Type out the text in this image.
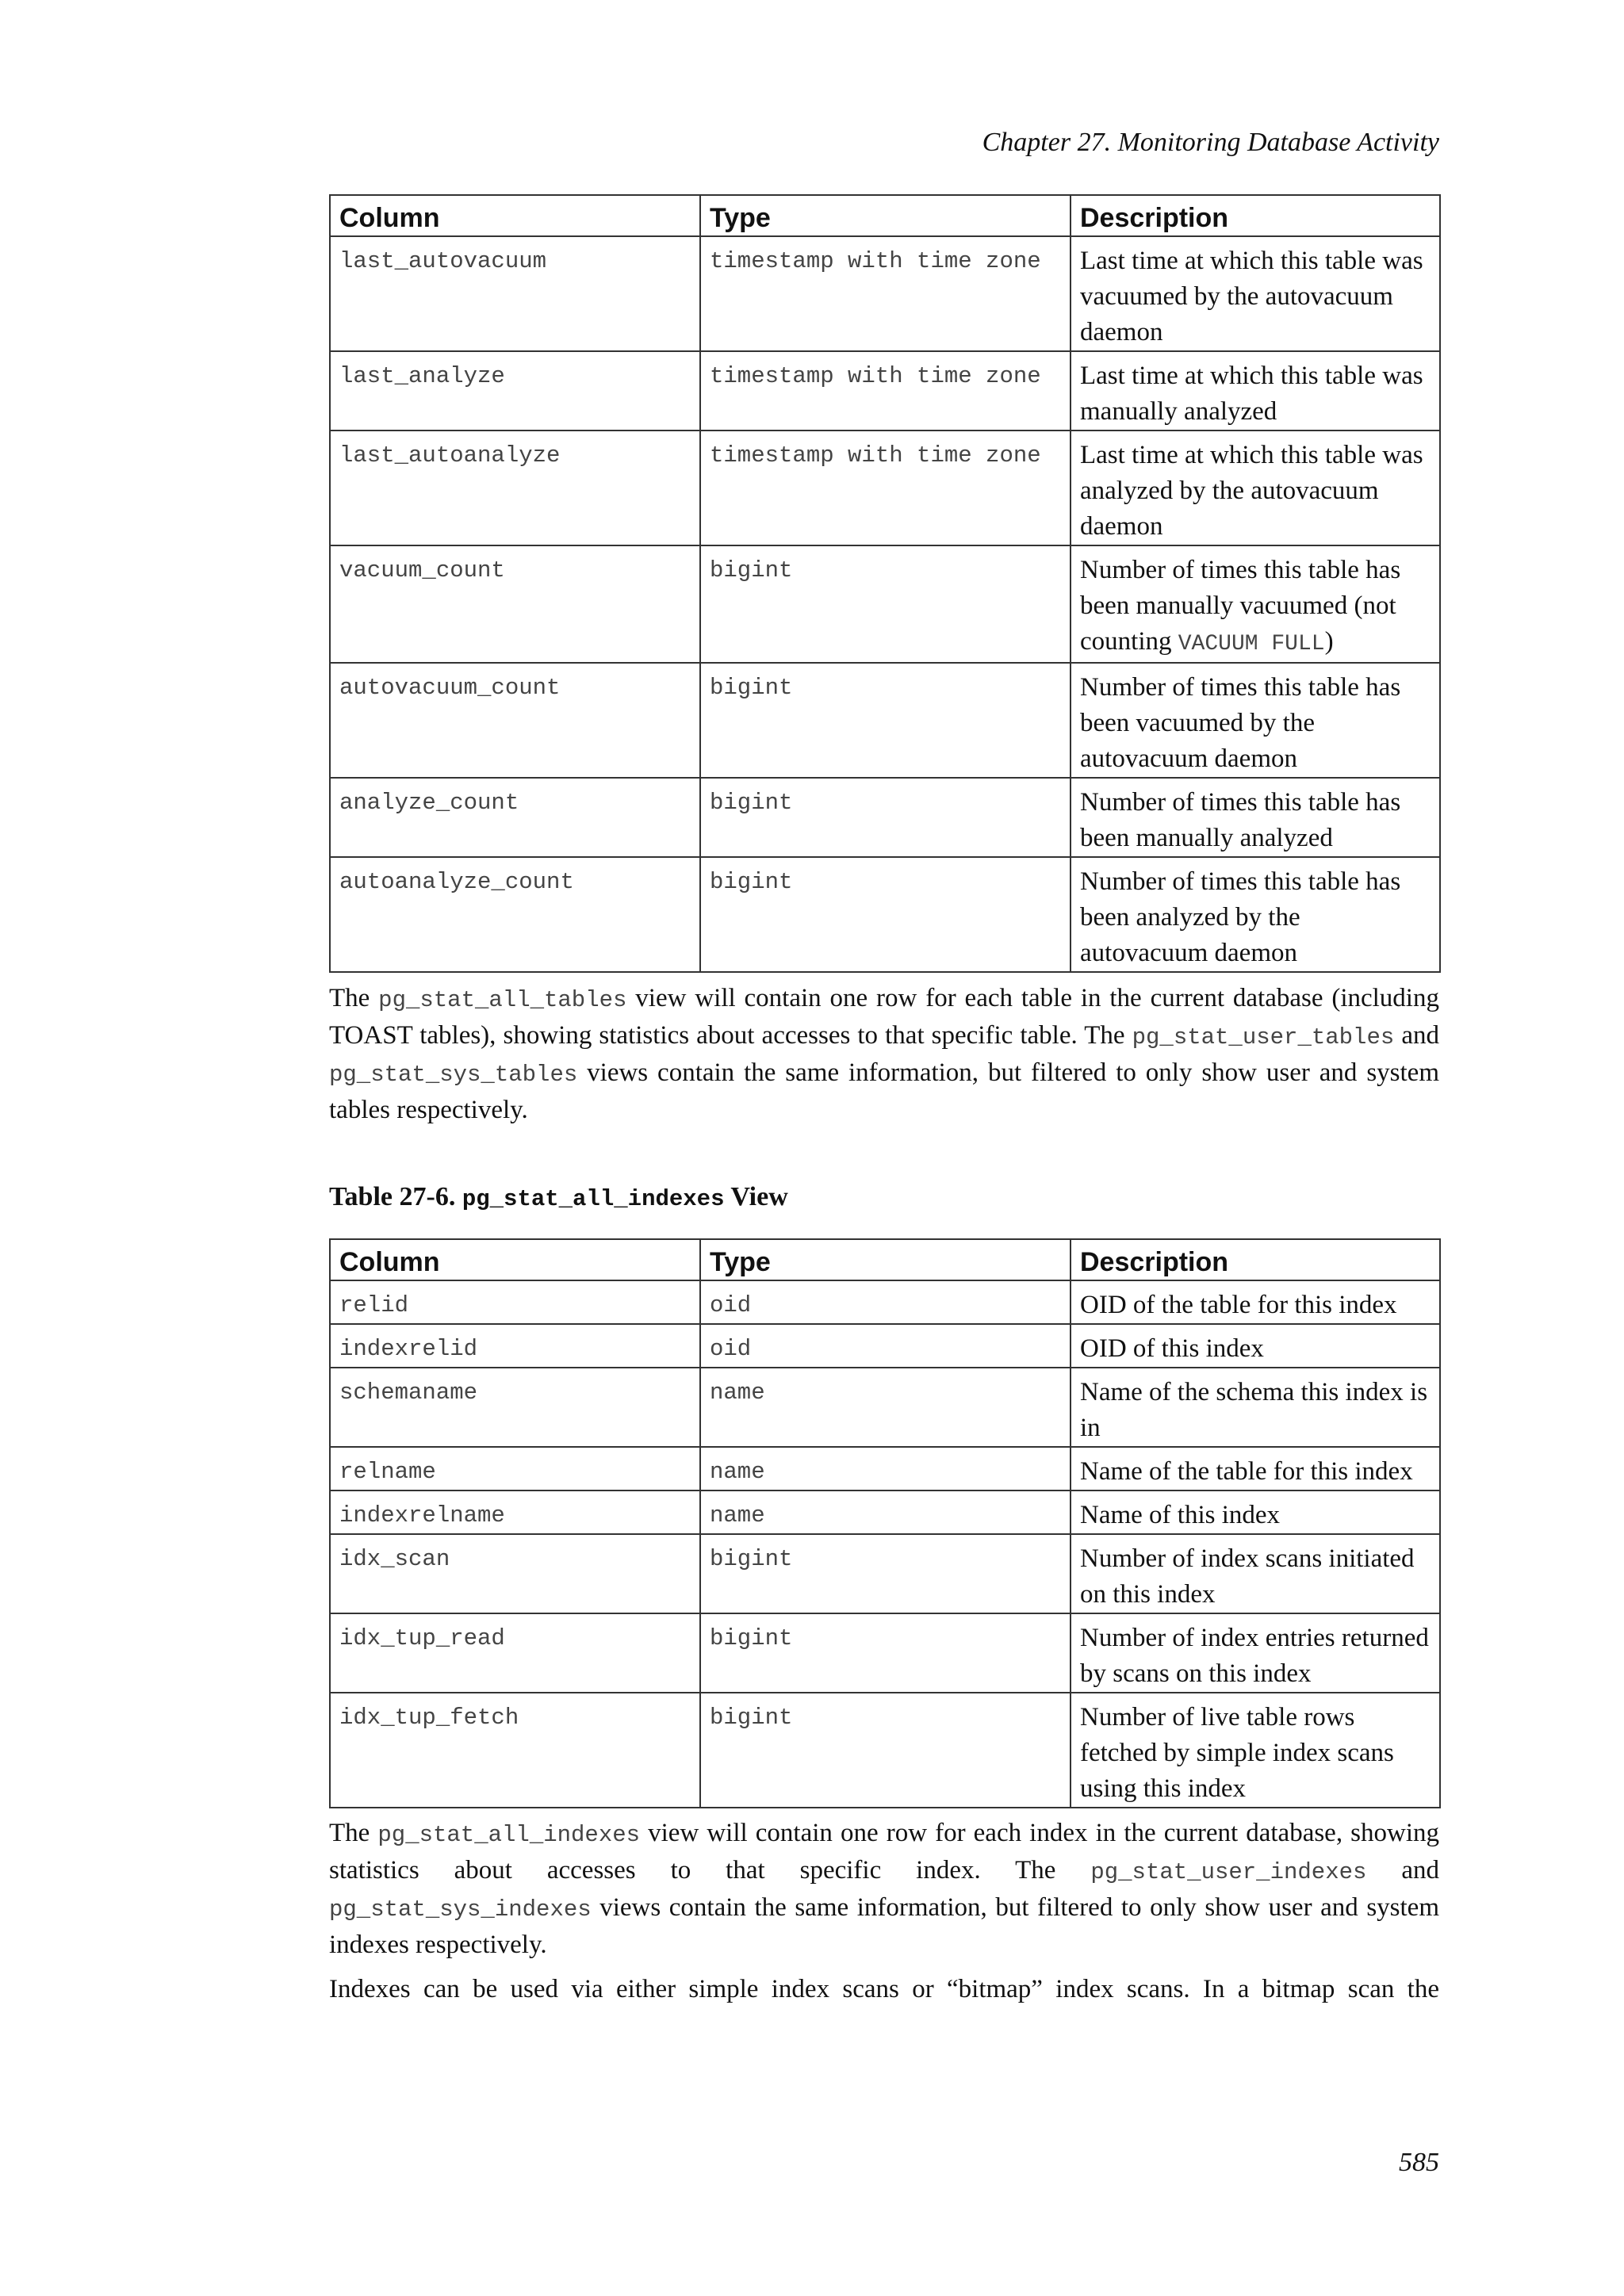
Chapter 27. Monitoring Database Activity
Column	Type	Description
last_autovacuum	timestamp with time zone	Last time at which this table was vacuumed by the autovacuum daemon
last_analyze	timestamp with time zone	Last time at which this table was manually analyzed
last_autoanalyze	timestamp with time zone	Last time at which this table was analyzed by the autovacuum daemon
vacuum_count	bigint	Number of times this table has been manually vacuumed (not counting VACUUM FULL)
autovacuum_count	bigint	Number of times this table has been vacuumed by the autovacuum daemon
analyze_count	bigint	Number of times this table has been manually analyzed
autoanalyze_count	bigint	Number of times this table has been analyzed by the autovacuum daemon

The pg_stat_all_tables view will contain one row for each table in the current database (including TOAST tables), showing statistics about accesses to that specific table. The pg_stat_user_tables and pg_stat_sys_tables views contain the same information, but filtered to only show user and system tables respectively.

Table 27-6. pg_stat_all_indexes View
Column	Type	Description
relid	oid	OID of the table for this index
indexrelid	oid	OID of this index
schemaname	name	Name of the schema this index is in
relname	name	Name of the table for this index
indexrelname	name	Name of this index
idx_scan	bigint	Number of index scans initiated on this index
idx_tup_read	bigint	Number of index entries returned by scans on this index
idx_tup_fetch	bigint	Number of live table rows fetched by simple index scans using this index

The pg_stat_all_indexes view will contain one row for each index in the current database, showing statistics about accesses to that specific index. The pg_stat_user_indexes and pg_stat_sys_indexes views contain the same information, but filtered to only show user and system indexes respectively.

Indexes can be used via either simple index scans or “bitmap” index scans. In a bitmap scan the

585
